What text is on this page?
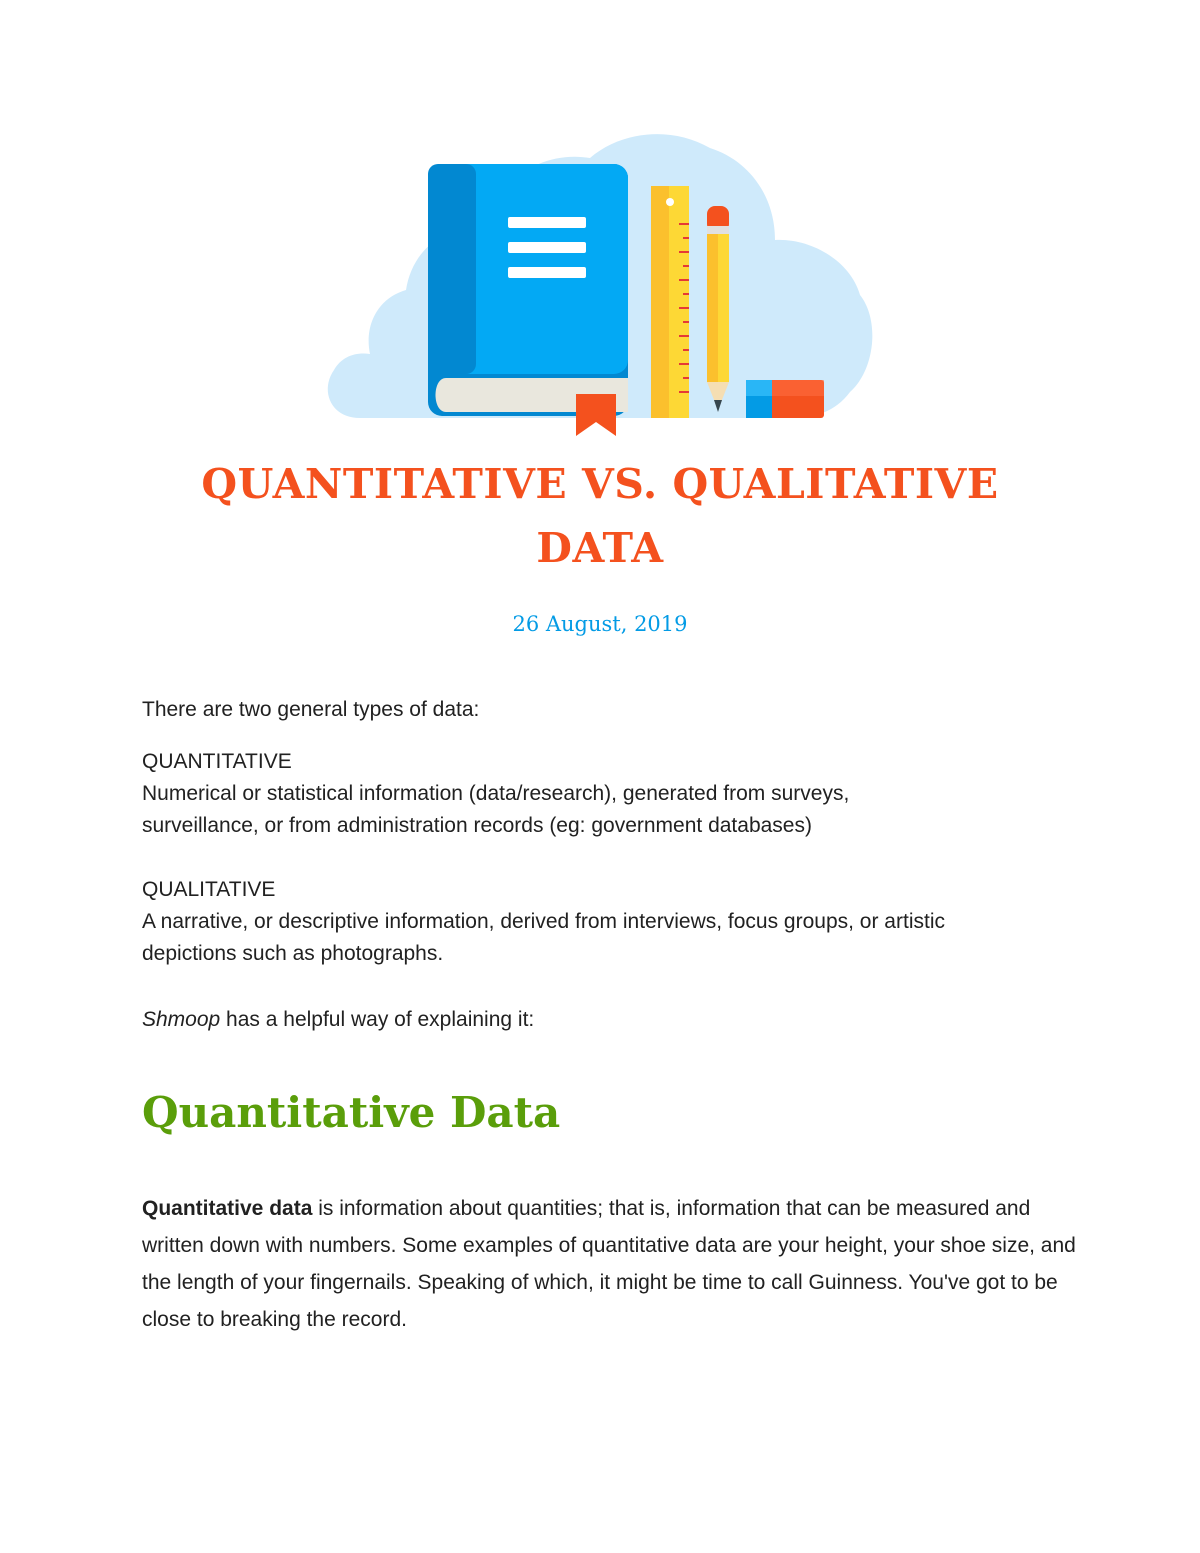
QUANTITATIVE VS. QUALITATIVE
DATA
26 August, 2019

There are two general types of data:

QUANTITATIVE
Numerical or statistical information (data/research), generated from surveys,
surveillance, or from administration records (eg: government databases)
QUALITATIVE
A narrative, or descriptive information, derived from interviews, focus groups, or artistic
depictions such as photographs.

Shmoop has a helpful way of explaining it:

Quantitative Data

Quantitative data is information about quantities; that is, information that can be measured and written down with numbers. Some examples of quantitative data are your height, your shoe size, and the length of your fingernails. Speaking of which, it might be time to call Guinness. You've got to be close to breaking the record.
